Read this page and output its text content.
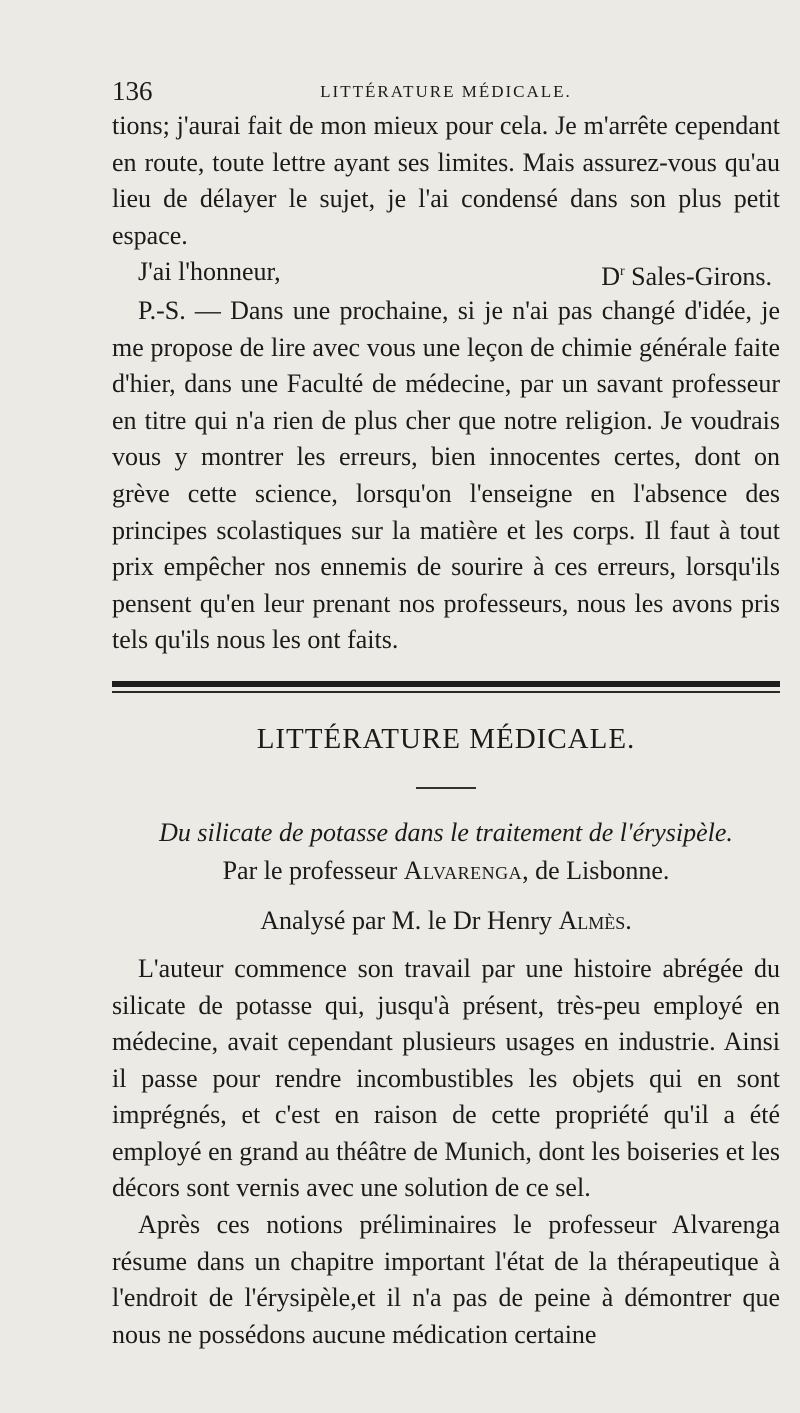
136	LITTÉRATURE MÉDICALE.

tions; j'aurai fait de mon mieux pour cela. Je m'arrête cependant en route, toute lettre ayant ses limites. Mais assurez-vous qu'au lieu de délayer le sujet, je l'ai condensé dans son plus petit espace.

J'ai l'honneur,	$D^r$ Sales-Girons.

P.-S. — Dans une prochaine, si je n'ai pas changé d'idée, je me propose de lire avec vous une leçon de chimie générale faite d'hier, dans une Faculté de médecine, par un savant professeur en titre qui n'a rien de plus cher que notre religion. Je voudrais vous y montrer les erreurs, bien innocentes certes, dont on grève cette science, lorsqu'on l'enseigne en l'absence des principes scolastiques sur la matière et les corps. Il faut à tout prix empêcher nos ennemis de sourire à ces erreurs, lorsqu'ils pensent qu'en leur prenant nos professeurs, nous les avons pris tels qu'ils nous les ont faits.

LITTÉRATURE MÉDICALE.
Du silicate de potasse dans le traitement de l'érysipèle.
Par le professeur Alvarenga, de Lisbonne.
Analysé par M. le Dr Henry Almès.

L'auteur commence son travail par une histoire abrégée du silicate de potasse qui, jusqu'à présent, très-peu employé en médecine, avait cependant plusieurs usages en industrie. Ainsi il passe pour rendre incombustibles les objets qui en sont imprégnés, et c'est en raison de cette propriété qu'il a été employé en grand au théâtre de Munich, dont les boiseries et les décors sont vernis avec une solution de ce sel.

Après ces notions préliminaires le professeur Alvarenga résume dans un chapitre important l'état de la thérapeutique à l'endroit de l'érysipèle,et il n'a pas de peine à démontrer que nous ne possédons aucune médication certaine
